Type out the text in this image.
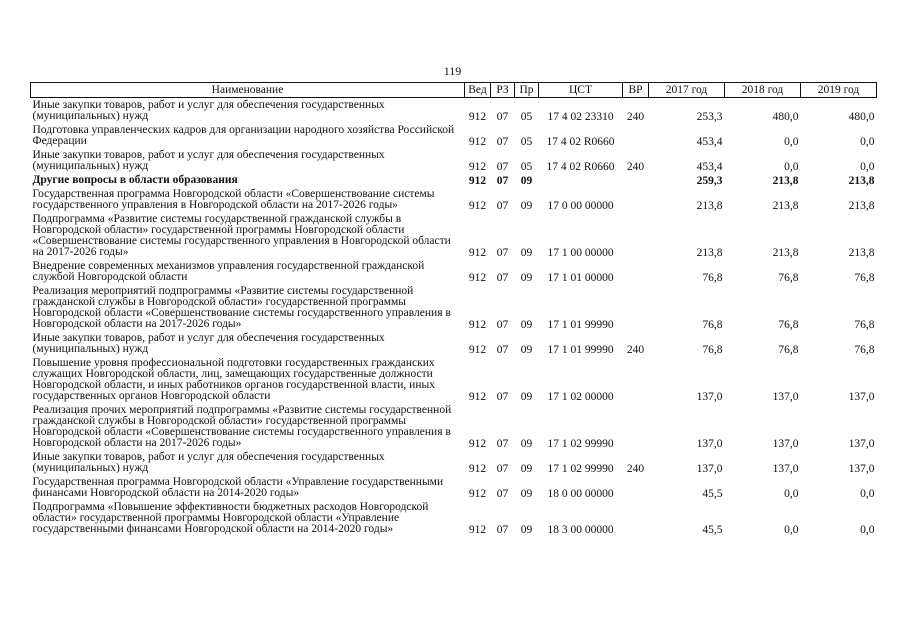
119
Наименование	Вед	РЗ	Пр	ЦСТ	ВР	2017 год	2018 год	2019 год
Иные закупки товаров, работ и услуг для обеспечения государственных (муниципальных) нужд	912	07	05	17 4 02 23310	240	253,3	480,0	480,0
Подготовка управленческих кадров для организации народного хозяйства Российской Федерации	912	07	05	17 4 02 R0660		453,4	0,0	0,0
Иные закупки товаров, работ и услуг для обеспечения государственных (муниципальных) нужд	912	07	05	17 4 02 R0660	240	453,4	0,0	0,0
Другие вопросы в области образования	912	07	09			259,3	213,8	213,8
Государственная программа Новгородской области «Совершенствование системы государственного управления в Новгородской области на 2017-2026 годы»	912	07	09	17 0 00 00000		213,8	213,8	213,8
Подпрограмма «Развитие системы государственной гражданской службы в Новгородской области» государственной программы Новгородской области «Совершенствование системы государственного управления в Новгородской области на 2017-2026 годы»	912	07	09	17 1 00 00000		213,8	213,8	213,8
Внедрение современных механизмов управления государственной гражданской службой Новгородской области	912	07	09	17 1 01 00000		76,8	76,8	76,8
Реализация мероприятий подпрограммы «Развитие системы государственной гражданской службы в Новгородской области» государственной программы Новгородской области «Совершенствование системы государственного управления в Новгородской области на 2017-2026 годы»	912	07	09	17 1 01 99990		76,8	76,8	76,8
Иные закупки товаров, работ и услуг для обеспечения государственных (муниципальных) нужд	912	07	09	17 1 01 99990	240	76,8	76,8	76,8
Повышение уровня профессиональной подготовки государственных гражданских служащих Новгородской области, лиц, замещающих государственные должности Новгородской области, и иных работников органов государственной власти, иных государственных органов Новгородской области	912	07	09	17 1 02 00000		137,0	137,0	137,0
Реализация прочих мероприятий подпрограммы «Развитие системы государственной гражданской службы в Новгородской области» государственной программы Новгородской области «Совершенствование системы государственного управления в Новгородской области на 2017-2026 годы»	912	07	09	17 1 02 99990		137,0	137,0	137,0
Иные закупки товаров, работ и услуг для обеспечения государственных (муниципальных) нужд	912	07	09	17 1 02 99990	240	137,0	137,0	137,0
Государственная программа Новгородской области «Управление государственными финансами Новгородской области на 2014-2020 годы»	912	07	09	18 0 00 00000		45,5	0,0	0,0
Подпрограмма «Повышение эффективности бюджетных расходов Новгородской области» государственной программы Новгородской области «Управление государственными финансами Новгородской области на 2014-2020 годы»	912	07	09	18 3 00 00000		45,5	0,0	0,0
